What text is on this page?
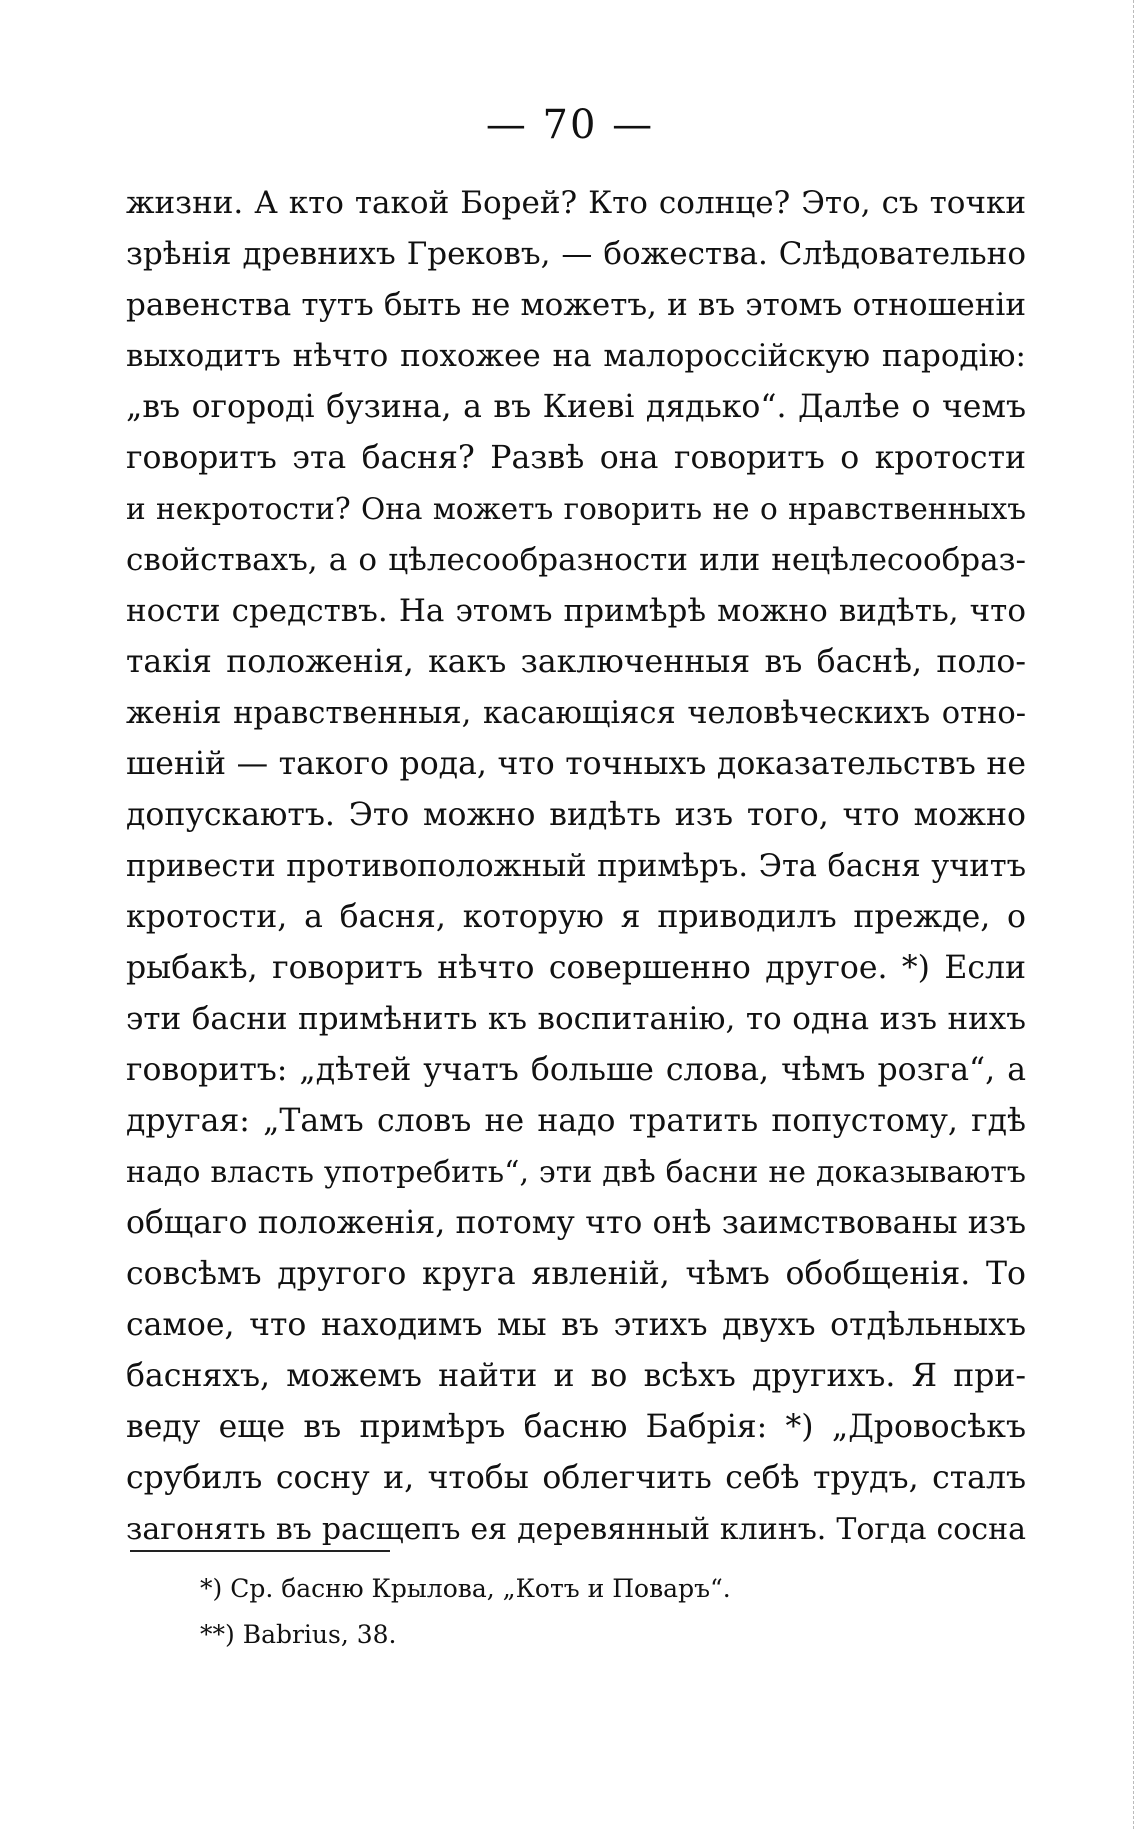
— 70 —
жизни. А кто такой Борей? Кто солнце? Это, съ точки
зрѣнія древнихъ Грековъ, — божества. Слѣдовательно
равенства тутъ быть не можетъ, и въ этомъ отношеніи
выходитъ нѣчто похожее на малороссійскую пародію:
„въ огороді бузина, а въ Киеві дядько“. Далѣе о чемъ
говоритъ эта басня? Развѣ она говоритъ о кротости
и некротости? Она можетъ говорить не о нравственныхъ
свойствахъ, а о цѣлесообразности или нецѣлесообраз-
ности средствъ. На этомъ примѣрѣ можно видѣть, что
такія положенія, какъ заключенныя въ баснѣ, поло-
женія нравственныя, касающіяся человѣческихъ отно-
шеній — такого рода, что точныхъ доказательствъ не
допускаютъ. Это можно видѣть изъ того, что можно
привести противоположный примѣръ. Эта басня учитъ
кротости, а басня, которую я приводилъ прежде, о
рыбакѣ, говоритъ нѣчто совершенно другое. *) Если
эти басни примѣнить къ воспитанію, то одна изъ нихъ
говоритъ: „дѣтей учатъ больше слова, чѣмъ розга“, а
другая: „Тамъ словъ не надо тратить попустому, гдѣ
надо власть употребить“, эти двѣ басни не доказываютъ
общаго положенія, потому что онѣ заимствованы изъ
совсѣмъ другого круга явленій, чѣмъ обобщенія. То
самое, что находимъ мы въ этихъ двухъ отдѣльныхъ
басняхъ, можемъ найти и во всѣхъ другихъ. Я при-
веду еще въ примѣръ басню Бабрія: *) „Дровосѣкъ
срубилъ сосну и, чтобы облегчить себѣ трудъ, сталъ
загонять въ расщепъ ея деревянный клинъ. Тогда сосна
*) Ср. басню Крылова, „Котъ и Поваръ“.
**) Babrius, 38.
